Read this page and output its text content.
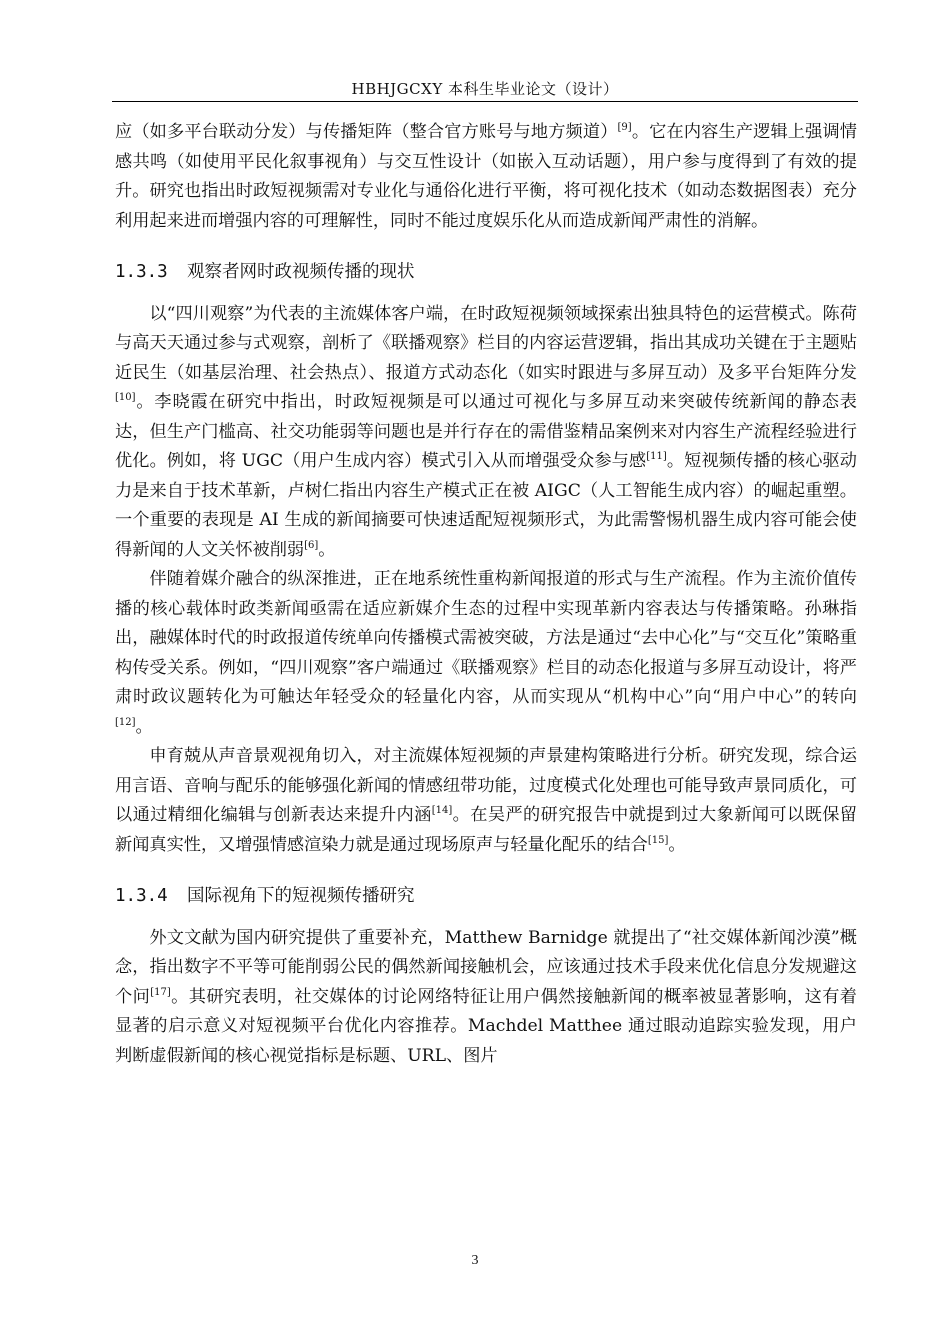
HBHJGCXY 本科生毕业论文（设计）

应（如多平台联动分发）与传播矩阵（整合官方账号与地方频道）[9]。它在内容生产逻辑上强调情感共鸣（如使用平民化叙事视角）与交互性设计（如嵌入互动话题），用户参与度得到了有效的提升。研究也指出时政短视频需对专业化与通俗化进行平衡，将可视化技术（如动态数据图表）充分利用起来进而增强内容的可理解性，同时不能过度娱乐化从而造成新闻严肃性的消解。

1.3.3 观察者网时政视频传播的现状

以“四川观察”为代表的主流媒体客户端，在时政短视频领域探索出独具特色的运营模式。陈荷与高天天通过参与式观察，剖析了《联播观察》栏目的内容运营逻辑，指出其成功关键在于主题贴近民生（如基层治理、社会热点）、报道方式动态化（如实时跟进与多屏互动）及多平台矩阵分发[10]。李晓霞在研究中指出，时政短视频是可以通过可视化与多屏互动来突破传统新闻的静态表达，但生产门槛高、社交功能弱等问题也是并行存在的需借鉴精品案例来对内容生产流程经验进行优化。例如，将 UGC（用户生成内容）模式引入从而增强受众参与感[11]。短视频传播的核心驱动力是来自于技术革新，卢树仁指出内容生产模式正在被 AIGC（人工智能生成内容）的崛起重塑。一个重要的表现是 AI 生成的新闻摘要可快速适配短视频形式，为此需警惕机器生成内容可能会使得新闻的人文关怀被削弱[6]。

伴随着媒介融合的纵深推进，正在地系统性重构新闻报道的形式与生产流程。作为主流价值传播的核心载体时政类新闻亟需在适应新媒介生态的过程中实现革新内容表达与传播策略。孙琳指出，融媒体时代的时政报道传统单向传播模式需被突破，方法是通过“去中心化”与“交互化”策略重构传受关系。例如，“四川观察”客户端通过《联播观察》栏目的动态化报道与多屏互动设计，将严肃时政议题转化为可触达年轻受众的轻量化内容，从而实现从“机构中心”向“用户中心”的转向[12]。

申育兢从声音景观视角切入，对主流媒体短视频的声景建构策略进行分析。研究发现，综合运用言语、音响与配乐的能够强化新闻的情感纽带功能，过度模式化处理也可能导致声景同质化，可以通过精细化编辑与创新表达来提升内涵[14]。在吴严的研究报告中就提到过大象新闻可以既保留新闻真实性，又增强情感渲染力就是通过现场原声与轻量化配乐的结合[15]。

1.3.4 国际视角下的短视频传播研究

外文文献为国内研究提供了重要补充，Matthew Barnidge 就提出了“社交媒体新闻沙漠”概念，指出数字不平等可能削弱公民的偶然新闻接触机会，应该通过技术手段来优化信息分发规避这个问[17]。其研究表明，社交媒体的讨论网络特征让用户偶然接触新闻的概率被显著影响，这有着显著的启示意义对短视频平台优化内容推荐。Machdel Matthee 通过眼动追踪实验发现，用户判断虚假新闻的核心视觉指标是标题、URL、图片

3
